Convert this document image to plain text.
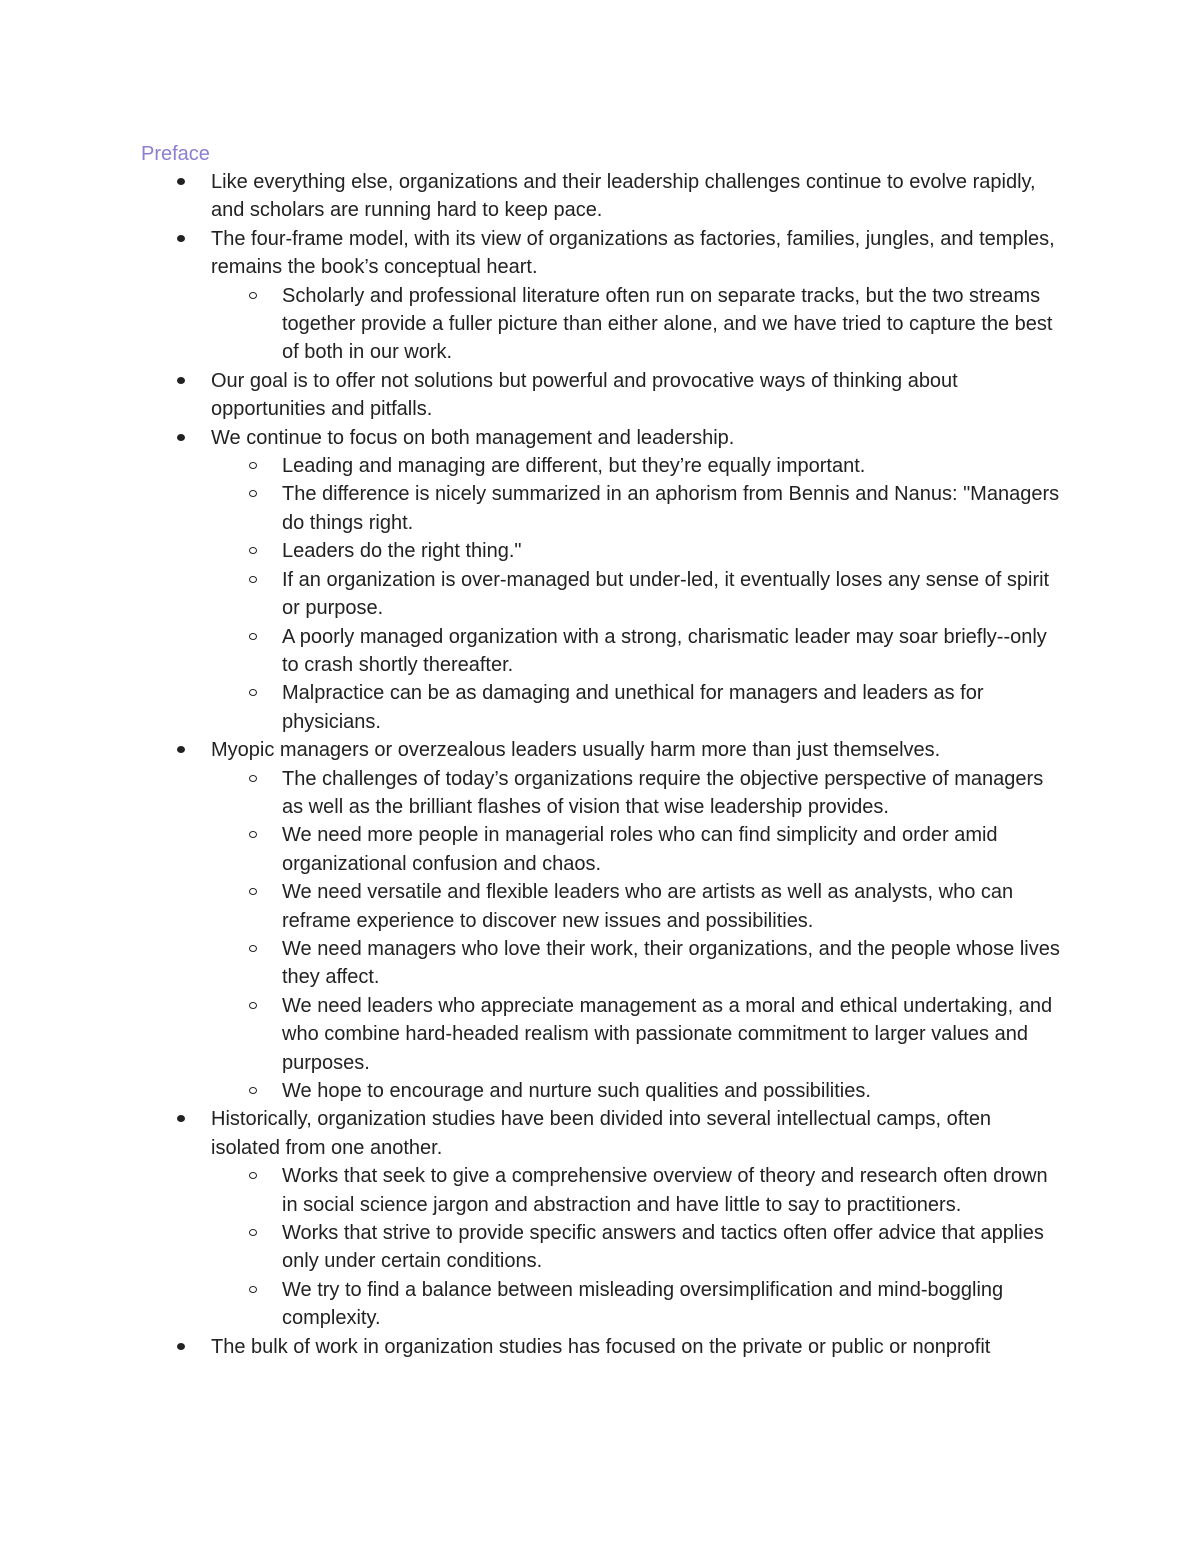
Preface
Like everything else, organizations and their leadership challenges continue to evolve rapidly, and scholars are running hard to keep pace.
The four-frame model, with its view of organizations as factories, families, jungles, and temples, remains the book’s conceptual heart.
Scholarly and professional literature often run on separate tracks, but the two streams together provide a fuller picture than either alone, and we have tried to capture the best of both in our work.
Our goal is to offer not solutions but powerful and provocative ways of thinking about opportunities and pitfalls.
We continue to focus on both management and leadership.
Leading and managing are different, but they’re equally important.
The difference is nicely summarized in an aphorism from Bennis and Nanus: "Managers do things right.
Leaders do the right thing."
If an organization is over-managed but under-led, it eventually loses any sense of spirit or purpose.
A poorly managed organization with a strong, charismatic leader may soar briefly--only to crash shortly thereafter.
Malpractice can be as damaging and unethical for managers and leaders as for physicians.
Myopic managers or overzealous leaders usually harm more than just themselves.
The challenges of today’s organizations require the objective perspective of managers as well as the brilliant flashes of vision that wise leadership provides.
We need more people in managerial roles who can find simplicity and order amid organizational confusion and chaos.
We need versatile and flexible leaders who are artists as well as analysts, who can reframe experience to discover new issues and possibilities.
We need managers who love their work, their organizations, and the people whose lives they affect.
We need leaders who appreciate management as a moral and ethical undertaking, and who combine hard-headed realism with passionate commitment to larger values and purposes.
We hope to encourage and nurture such qualities and possibilities.
Historically, organization studies have been divided into several intellectual camps, often isolated from one another.
Works that seek to give a comprehensive overview of theory and research often drown in social science jargon and abstraction and have little to say to practitioners.
Works that strive to provide specific answers and tactics often offer advice that applies only under certain conditions.
We try to find a balance between misleading oversimplification and mind-boggling complexity.
The bulk of work in organization studies has focused on the private or public or nonprofit
